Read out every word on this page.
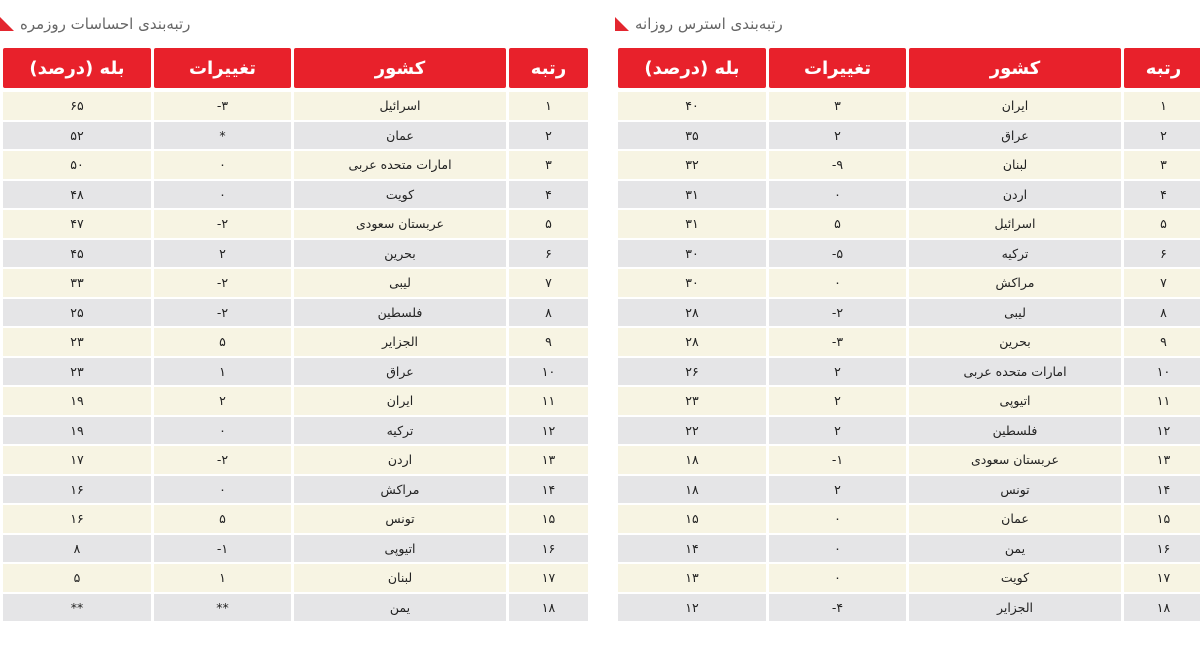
رتبه‌بندی استرس روزانه
بله (درصد)	تغییرات	کشور	رتبه

۴۰	۳	ایران	۱
۳۵	۲	عراق	۲
۳۲	-۹	لبنان	۳
۳۱	۰	اردن	۴
۳۱	۵	اسرائیل	۵
۳۰	-۵	ترکیه	۶
۳۰	۰	مراکش	۷
۲۸	-۲	لیبی	۸
۲۸	-۳	بحرین	۹
۲۶	۲	امارات متحده عربی	۱۰
۲۳	۲	اتیوپی	۱۱
۲۲	۲	فلسطین	۱۲
۱۸	-۱	عربستان سعودی	۱۳
۱۸	۲	تونس	۱۴
۱۵	۰	عمان	۱۵
۱۴	۰	یمن	۱۶
۱۳	۰	کویت	۱۷
۱۲	-۴	الجزایر	۱۸
رتبه‌بندی احساسات روزمره
بله (درصد)	تغییرات	کشور	رتبه

۶۵	-۳	اسرائیل	۱
۵۲	*	عمان	۲
۵۰	۰	امارات متحده عربی	۳
۴۸	۰	کویت	۴
۴۷	-۲	عربستان سعودی	۵
۴۵	۲	بحرین	۶
۳۳	-۲	لیبی	۷
۲۵	-۲	فلسطین	۸
۲۳	۵	الجزایر	۹
۲۳	۱	عراق	۱۰
۱۹	۲	ایران	۱۱
۱۹	۰	ترکیه	۱۲
۱۷	-۲	اردن	۱۳
۱۶	۰	مراکش	۱۴
۱۶	۵	تونس	۱۵
۸	-۱	اتیوپی	۱۶
۵	۱	لبنان	۱۷
**	**	یمن	۱۸
